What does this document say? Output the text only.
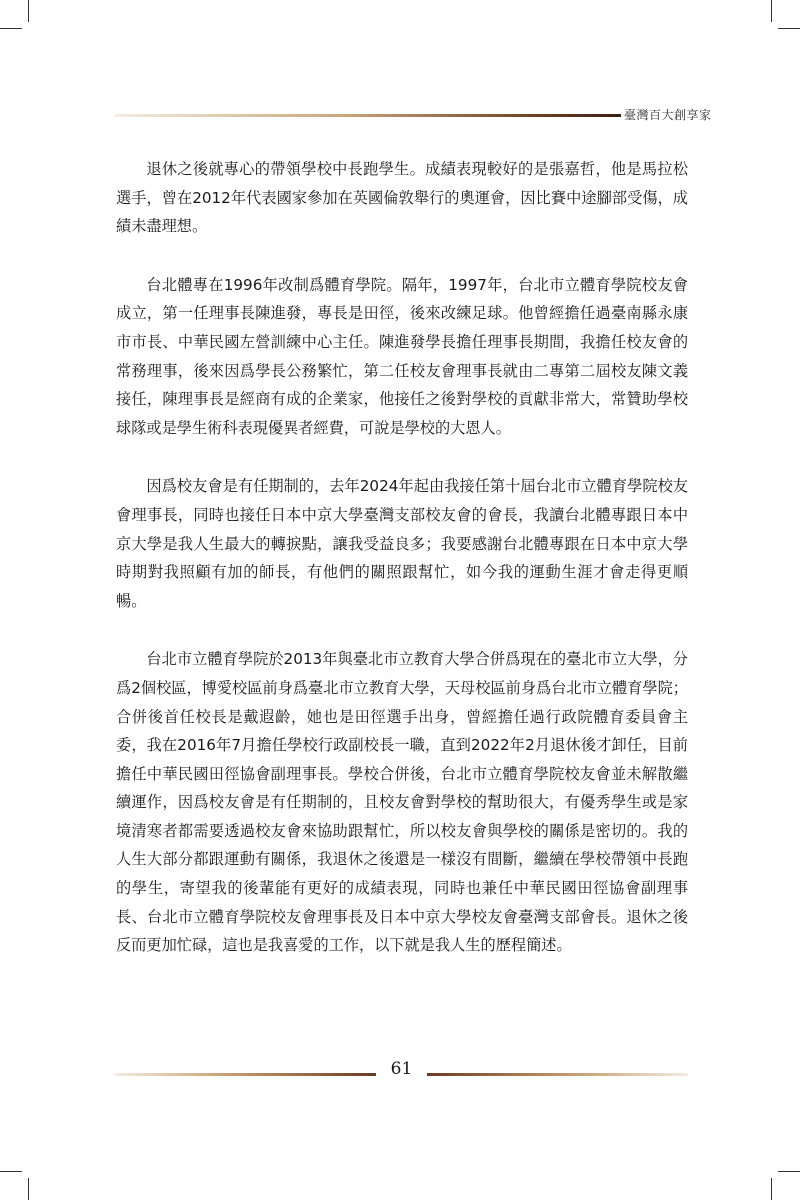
臺灣百大創享家

退休之後就專心的帶領學校中長跑學生。成績表現較好的是張嘉哲，他是馬拉松選手，曾在2012年代表國家參加在英國倫敦舉行的奧運會，因比賽中途腳部受傷，成績未盡理想。

台北體專在1996年改制爲體育學院。隔年，1997年，台北市立體育學院校友會成立，第一任理事長陳進發，專長是田徑，後來改練足球。他曾經擔任過臺南縣永康市市長、中華民國左營訓練中心主任。陳進發學長擔任理事長期間，我擔任校友會的常務理事，後來因爲學長公務繁忙，第二任校友會理事長就由二專第二屆校友陳文義接任，陳理事長是經商有成的企業家，他接任之後對學校的貢獻非常大，常贊助學校球隊或是學生術科表現優異者經費，可說是學校的大恩人。

因爲校友會是有任期制的，去年2024年起由我接任第十屆台北市立體育學院校友會理事長，同時也接任日本中京大學臺灣支部校友會的會長，我讀台北體專跟日本中京大學是我人生最大的轉捩點，讓我受益良多；我要感謝台北體專跟在日本中京大學時期對我照顧有加的師長，有他們的關照跟幫忙，如今我的運動生涯才會走得更順暢。

台北市立體育學院於2013年與臺北市立教育大學合併爲現在的臺北市立大學，分爲2個校區，博愛校區前身爲臺北市立教育大學，天母校區前身爲台北市立體育學院；合併後首任校長是戴遐齡，她也是田徑選手出身，曾經擔任過行政院體育委員會主委，我在2016年7月擔任學校行政副校長一職，直到2022年2月退休後才卸任，目前擔任中華民國田徑協會副理事長。學校合併後，台北市立體育學院校友會並未解散繼續運作，因爲校友會是有任期制的，且校友會對學校的幫助很大，有優秀學生或是家境清寒者都需要透過校友會來協助跟幫忙，所以校友會與學校的關係是密切的。我的人生大部分都跟運動有關係，我退休之後還是一樣沒有間斷，繼續在學校帶領中長跑的學生，寄望我的後輩能有更好的成績表現，同時也兼任中華民國田徑協會副理事長、台北市立體育學院校友會理事長及日本中京大學校友會臺灣支部會長。退休之後反而更加忙碌，這也是我喜愛的工作，以下就是我人生的歷程簡述。

61
